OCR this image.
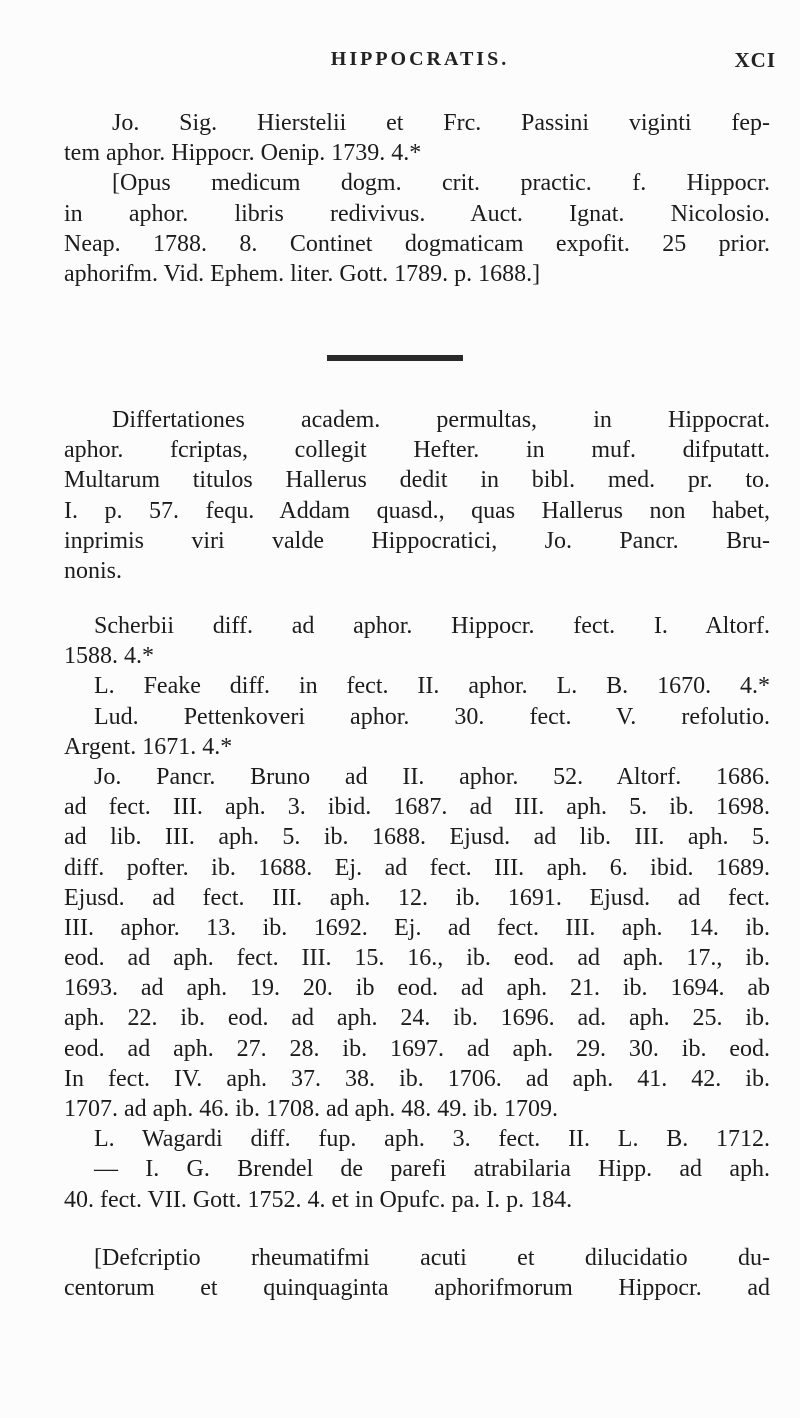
HIPPOCRATIS.	XCI
Jo. Sig. Hierstelii et Frc. Passini viginti fep-
tem aphor. Hippocr. Oenip. 1739. 4.*
[Opus medicum dogm. crit. practic. f. Hippocr.
in aphor. libris redivivus. Auct. Ignat. Nicolosio.
Neap. 1788. 8. Continet dogmaticam expofit. 25 prior.
aphorifm. Vid. Ephem. liter. Gott. 1789. p. 1688.]
Differtationes academ. permultas, in Hippocrat.
aphor. fcriptas, collegit Hefter. in muf. difputatt.
Multarum titulos Hallerus dedit in bibl. med. pr. to.
I. p. 57. fequ. Addam quasd., quas Hallerus non habet,
inprimis viri valde Hippocratici, Jo. Pancr. Bru-
nonis.
Scherbii diff. ad aphor. Hippocr. fect. I. Altorf.
1588. 4.*
L. Feake diff. in fect. II. aphor. L. B. 1670. 4.*
Lud. Pettenkoveri aphor. 30. fect. V. refolutio.
Argent. 1671. 4.*
Jo. Pancr. Bruno ad II. aphor. 52. Altorf. 1686.
ad fect. III. aph. 3. ibid. 1687. ad III. aph. 5. ib. 1698.
ad lib. III. aph. 5. ib. 1688. Ejusd. ad lib. III. aph. 5.
diff. pofter. ib. 1688. Ej. ad fect. III. aph. 6. ibid. 1689.
Ejusd. ad fect. III. aph. 12. ib. 1691. Ejusd. ad fect.
III. aphor. 13. ib. 1692. Ej. ad fect. III. aph. 14. ib.
eod. ad aph. fect. III. 15. 16., ib. eod. ad aph. 17., ib.
1693. ad aph. 19. 20. ib eod. ad aph. 21. ib. 1694. ab
aph. 22. ib. eod. ad aph. 24. ib. 1696. ad. aph. 25. ib.
eod. ad aph. 27. 28. ib. 1697. ad aph. 29. 30. ib. eod.
In fect. IV. aph. 37. 38. ib. 1706. ad aph. 41. 42. ib.
1707. ad aph. 46. ib. 1708. ad aph. 48. 49. ib. 1709.
L. Wagardi diff. fup. aph. 3. fect. II. L. B. 1712.
— I. G. Brendel de parefi atrabilaria Hipp. ad aph.
40. fect. VII. Gott. 1752. 4. et in Opufc. pa. I. p. 184.
[Defcriptio rheumatifmi acuti et dilucidatio du-
centorum et quinquaginta aphorifmorum Hippocr. ad
